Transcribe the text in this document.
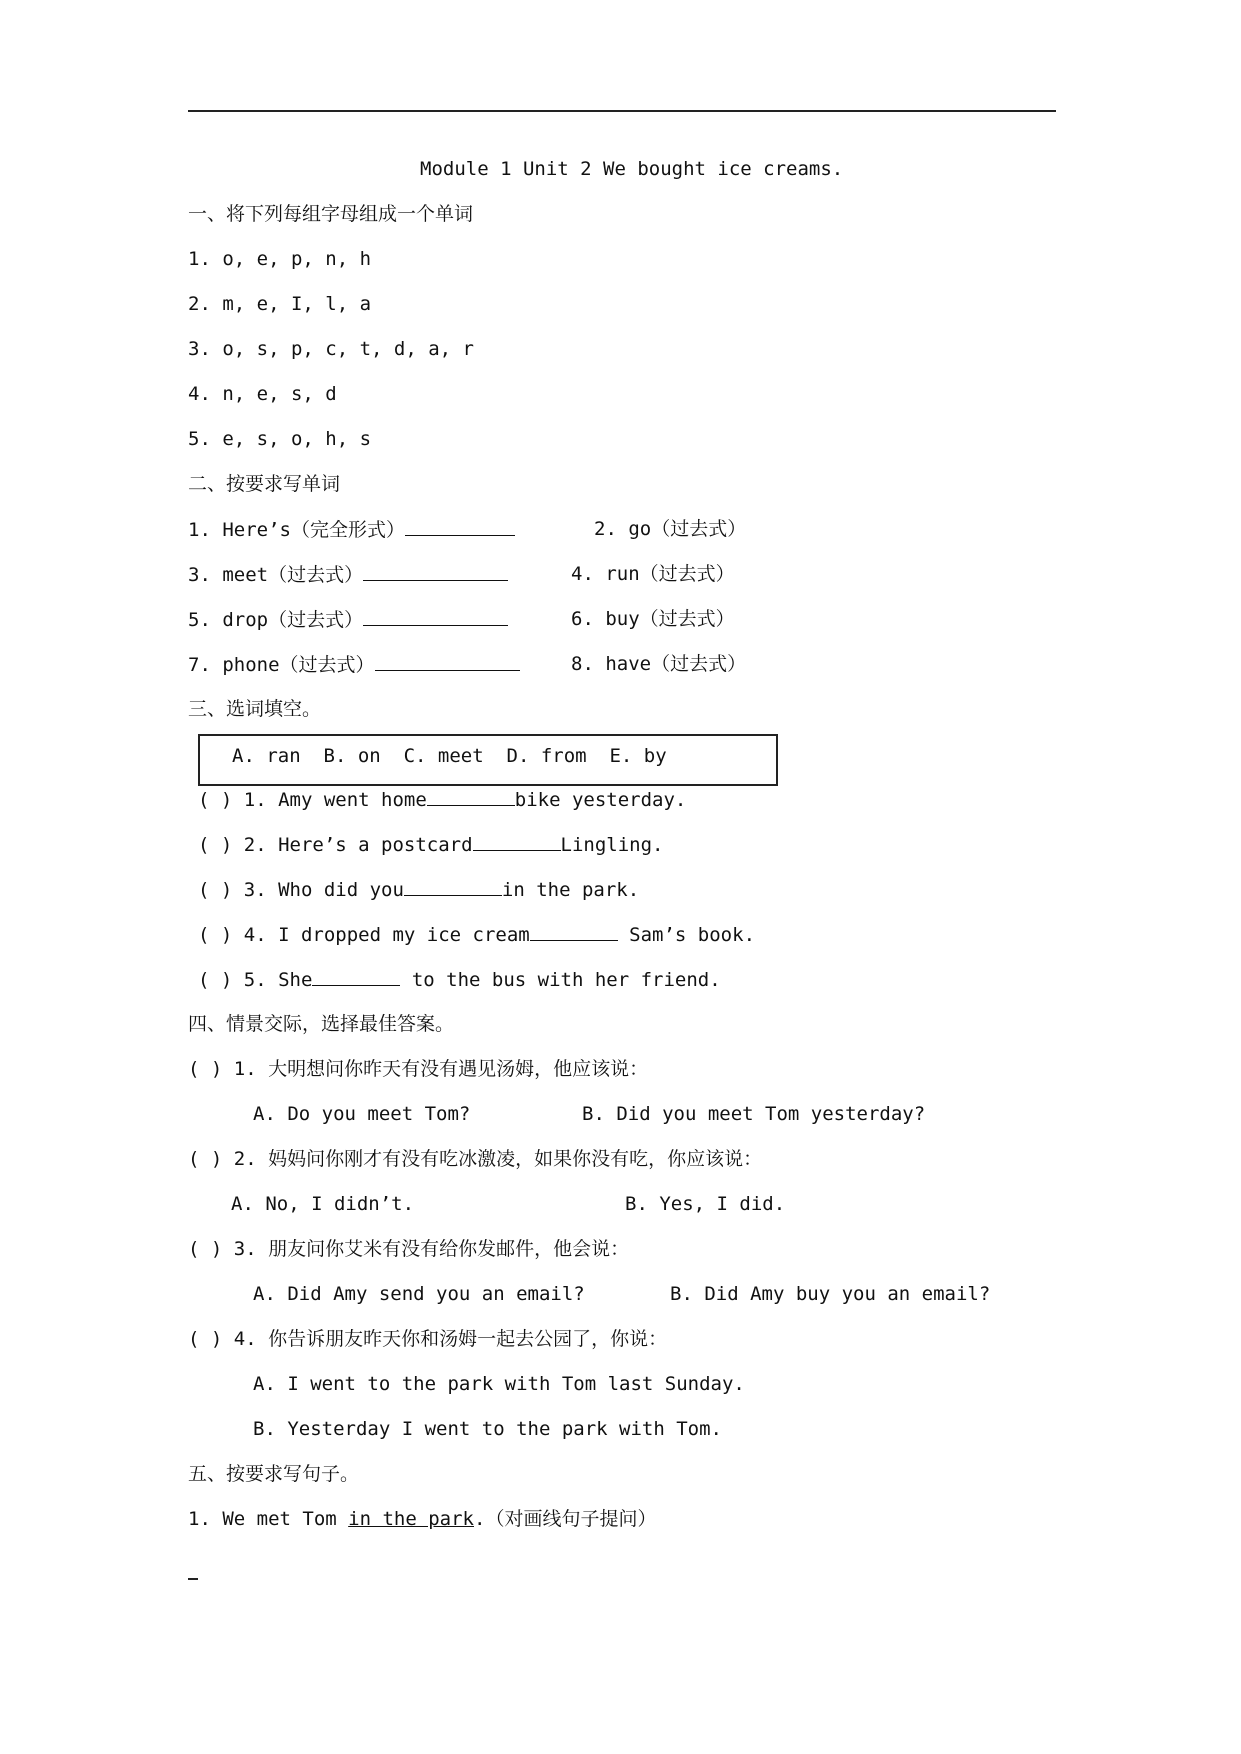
Module 1 Unit 2 We bought ice creams.
一、将下列每组字母组成一个单词
1. o, e, p, n, h
2. m, e, I, l, a
3. o, s, p, c, t, d, a, r
4. n, e, s, d
5. e, s, o, h, s
二、按要求写单词
1. Here’s（完全形式）	2. go（过去式）
3. meet（过去式）	4. run（过去式）
5. drop（过去式）	6. buy（过去式）
7. phone（过去式）	8. have（过去式）
三、选词填空。
A. ran  B. on  C. meet  D. from  E. by
( ) 1. Amy went home	bike yesterday.
( ) 2. Here’s a postcard	Lingling.
( ) 3. Who did you	in the park.
( ) 4. I dropped my ice cream	Sam’s book.
( ) 5. She	to the bus with her friend.
四、情景交际，选择最佳答案。
( ) 1. 大明想问你昨天有没有遇见汤姆，他应该说：
A. Do you meet Tom?	B. Did you meet Tom yesterday?
( ) 2. 妈妈问你刚才有没有吃冰激凌，如果你没有吃，你应该说：
A. No, I didn’t.	B. Yes, I did.
( ) 3. 朋友问你艾米有没有给你发邮件，他会说：
A. Did Amy send you an email?	B. Did Amy buy you an email?
( ) 4. 你告诉朋友昨天你和汤姆一起去公园了，你说：
A. I went to the park with Tom last Sunday.
B. Yesterday I went to the park with Tom.
五、按要求写句子。
1. We met Tom in the park.（对画线句子提问）
